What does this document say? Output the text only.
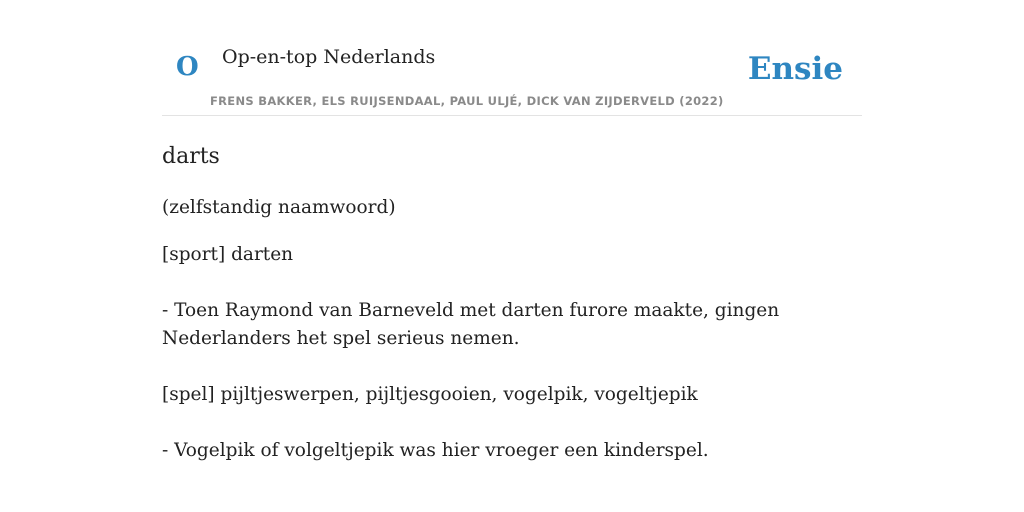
O Op-en-top Nederlands	Ensie
FRENS BAKKER, ELS RUIJSENDAAL, PAUL ULJÉ, DICK VAN ZIJDERVELD (2022)
darts
(zelfstandig naamwoord)
[sport] darten
- Toen Raymond van Barneveld met darten furore maakte, gingen Nederlanders het spel serieus nemen.
[spel] pijltjeswerpen, pijltjesgooien, vogelpik, vogeltjepik
- Vogelpik of volgeltjepik was hier vroeger een kinderspel.
